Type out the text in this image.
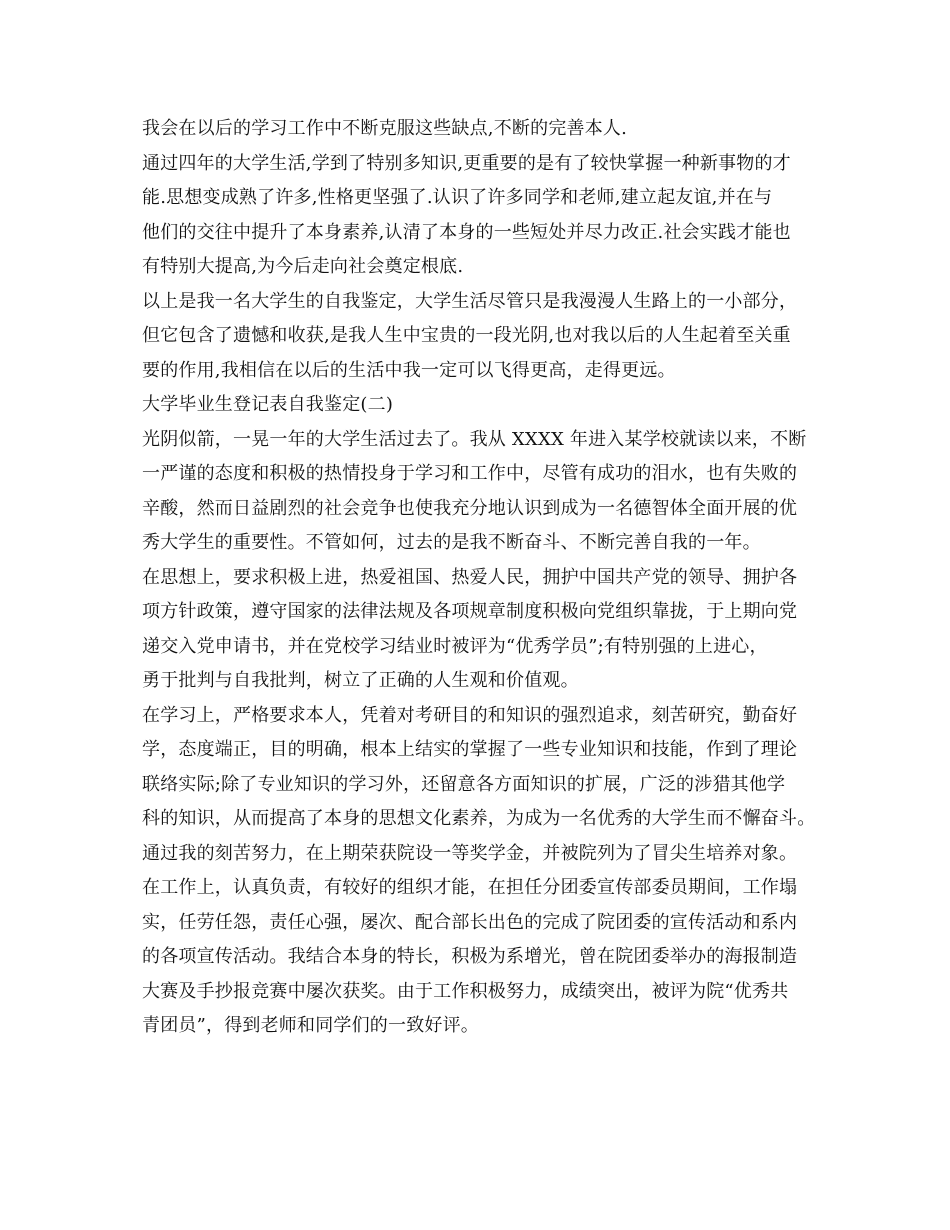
我会在以后的学习工作中不断克服这些缺点,不断的完善本人.
通过四年的大学生活,学到了特别多知识,更重要的是有了较快掌握一种新事物的才
能.思想变成熟了许多,性格更坚强了.认识了许多同学和老师,建立起友谊,并在与
他们的交往中提升了本身素养,认清了本身的一些短处并尽力改正.社会实践才能也
有特别大提高,为今后走向社会奠定根底.
以上是我一名大学生的自我鉴定，大学生活尽管只是我漫漫人生路上的一小部分，
但它包含了遗憾和收获,是我人生中宝贵的一段光阴,也对我以后的人生起着至关重
要的作用,我相信在以后的生活中我一定可以飞得更高，走得更远。
大学毕业生登记表自我鉴定(二)
光阴似箭，一晃一年的大学生活过去了。我从 XXXX 年进入某学校就读以来，不断
一严谨的态度和积极的热情投身于学习和工作中，尽管有成功的泪水，也有失败的
辛酸，然而日益剧烈的社会竞争也使我充分地认识到成为一名德智体全面开展的优
秀大学生的重要性。不管如何，过去的是我不断奋斗、不断完善自我的一年。
在思想上，要求积极上进，热爱祖国、热爱人民，拥护中国共产党的领导、拥护各
项方针政策，遵守国家的法律法规及各项规章制度积极向党组织靠拢，于上期向党
递交入党申请书，并在党校学习结业时被评为“优秀学员”;有特别强的上进心，
勇于批判与自我批判，树立了正确的人生观和价值观。
在学习上，严格要求本人，凭着对考研目的和知识的强烈追求，刻苦研究，勤奋好
学，态度端正，目的明确，根本上结实的掌握了一些专业知识和技能，作到了理论
联络实际;除了专业知识的学习外，还留意各方面知识的扩展，广泛的涉猎其他学
科的知识，从而提高了本身的思想文化素养，为成为一名优秀的大学生而不懈奋斗。
通过我的刻苦努力，在上期荣获院设一等奖学金，并被院列为了冒尖生培养对象。
在工作上，认真负责，有较好的组织才能，在担任分团委宣传部委员期间，工作塌
实，任劳任怨，责任心强，屡次、配合部长出色的完成了院团委的宣传活动和系内
的各项宣传活动。我结合本身的特长，积极为系增光，曾在院团委举办的海报制造
大赛及手抄报竞赛中屡次获奖。由于工作积极努力，成绩突出，被评为院“优秀共
青团员”，得到老师和同学们的一致好评。
